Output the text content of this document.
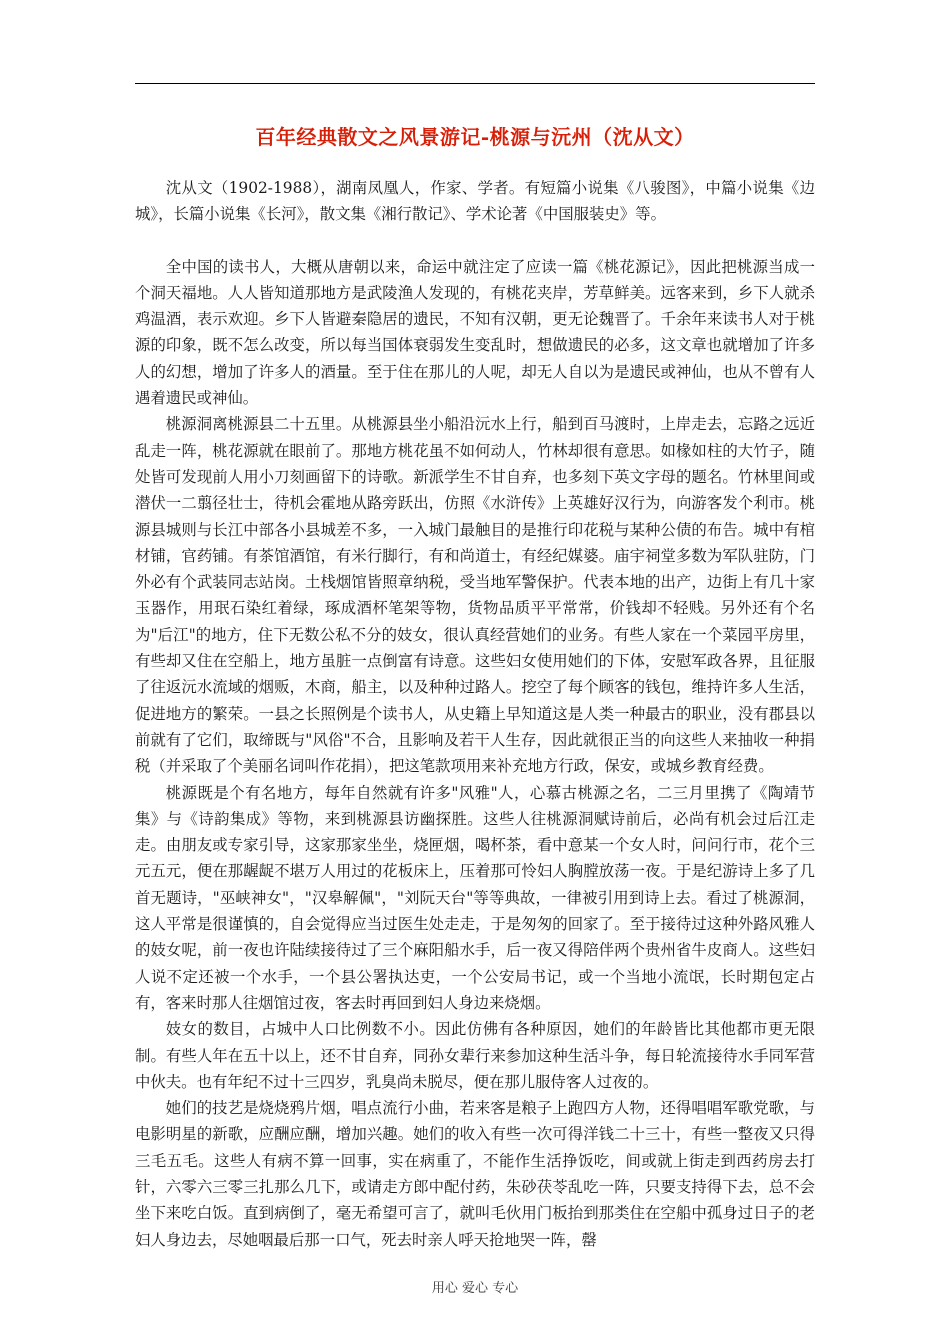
百年经典散文之风景游记-桃源与沅州（沈从文）

沈从文（1902-1988），湖南凤凰人，作家、学者。有短篇小说集《八骏图》，中篇小说集《边城》，长篇小说集《长河》，散文集《湘行散记》、学术论著《中国服装史》等。

全中国的读书人，大概从唐朝以来，命运中就注定了应读一篇《桃花源记》，因此把桃源当成一个洞天福地。人人皆知道那地方是武陵渔人发现的，有桃花夹岸，芳草鲜美。远客来到，乡下人就杀鸡温酒，表示欢迎。乡下人皆避秦隐居的遗民，不知有汉朝，更无论魏晋了。千余年来读书人对于桃源的印象，既不怎么改变，所以每当国体衰弱发生变乱时，想做遗民的必多，这文章也就增加了许多人的幻想，增加了许多人的酒量。至于住在那儿的人呢，却无人自以为是遗民或神仙，也从不曾有人遇着遗民或神仙。

桃源洞离桃源县二十五里。从桃源县坐小船沿沅水上行，船到百马渡时，上岸走去，忘路之远近乱走一阵，桃花源就在眼前了。那地方桃花虽不如何动人，竹林却很有意思。如椽如柱的大竹子，随处皆可发现前人用小刀刻画留下的诗歌。新派学生不甘自弃，也多刻下英文字母的题名。竹林里间或潜伏一二翦径壮士，待机会霍地从路旁跃出，仿照《水浒传》上英雄好汉行为，向游客发个利市。桃源县城则与长江中部各小县城差不多，一入城门最触目的是推行印花税与某种公债的布告。城中有棺材铺，官药铺。有茶馆酒馆，有米行脚行，有和尚道士，有经纪媒婆。庙宇祠堂多数为军队驻防，门外必有个武装同志站岗。土栈烟馆皆照章纳税，受当地军警保护。代表本地的出产，边街上有几十家玉器作，用珉石染红着绿，琢成酒杯笔架等物，货物品质平平常常，价钱却不轻贱。另外还有个名为"后江"的地方，住下无数公私不分的妓女，很认真经营她们的业务。有些人家在一个菜园平房里，有些却又住在空船上，地方虽脏一点倒富有诗意。这些妇女使用她们的下体，安慰军政各界，且征服了往返沅水流域的烟贩，木商，船主，以及种种过路人。挖空了每个顾客的钱包，维持许多人生活，促进地方的繁荣。一县之长照例是个读书人，从史籍上早知道这是人类一种最古的职业，没有郡县以前就有了它们，取缔既与"风俗"不合，且影响及若干人生存，因此就很正当的向这些人来抽收一种捐税（并采取了个美丽名词叫作花捐），把这笔款项用来补充地方行政，保安，或城乡教育经费。

桃源既是个有名地方，每年自然就有许多"风雅"人，心慕古桃源之名，二三月里携了《陶靖节集》与《诗韵集成》等物，来到桃源县访幽探胜。这些人往桃源洞赋诗前后，必尚有机会过后江走走。由朋友或专家引导，这家那家坐坐，烧匣烟，喝杯茶，看中意某一个女人时，问问行市，花个三元五元，便在那龌龊不堪万人用过的花板床上，压着那可怜妇人胸膛放荡一夜。于是纪游诗上多了几首无题诗，"巫峡神女"，"汉皋解佩"，"刘阮天台"等等典故，一律被引用到诗上去。看过了桃源洞，这人平常是很谨慎的，自会觉得应当过医生处走走，于是匆匆的回家了。至于接待过这种外路风雅人的妓女呢，前一夜也许陆续接待过了三个麻阳船水手，后一夜又得陪伴两个贵州省牛皮商人。这些妇人说不定还被一个水手，一个县公署执达吏，一个公安局书记，或一个当地小流氓，长时期包定占有，客来时那人往烟馆过夜，客去时再回到妇人身边来烧烟。

妓女的数目，占城中人口比例数不小。因此仿佛有各种原因，她们的年龄皆比其他都市更无限制。有些人年在五十以上，还不甘自弃，同孙女辈行来参加这种生活斗争，每日轮流接待水手同军营中伙夫。也有年纪不过十三四岁，乳臭尚未脱尽，便在那儿服侍客人过夜的。

她们的技艺是烧烧鸦片烟，唱点流行小曲，若来客是粮子上跑四方人物，还得唱唱军歌党歌，与电影明星的新歌，应酬应酬，增加兴趣。她们的收入有些一次可得洋钱二十三十，有些一整夜又只得三毛五毛。这些人有病不算一回事，实在病重了，不能作生活挣饭吃，间或就上街走到西药房去打针，六零六三零三扎那么几下，或请走方郎中配付药，朱砂茯苓乱吃一阵，只要支持得下去，总不会坐下来吃白饭。直到病倒了，毫无希望可言了，就叫毛伙用门板抬到那类住在空船中孤身过日子的老妇人身边去，尽她咽最后那一口气，死去时亲人呼天抢地哭一阵，罄

用心 爱心 专心
